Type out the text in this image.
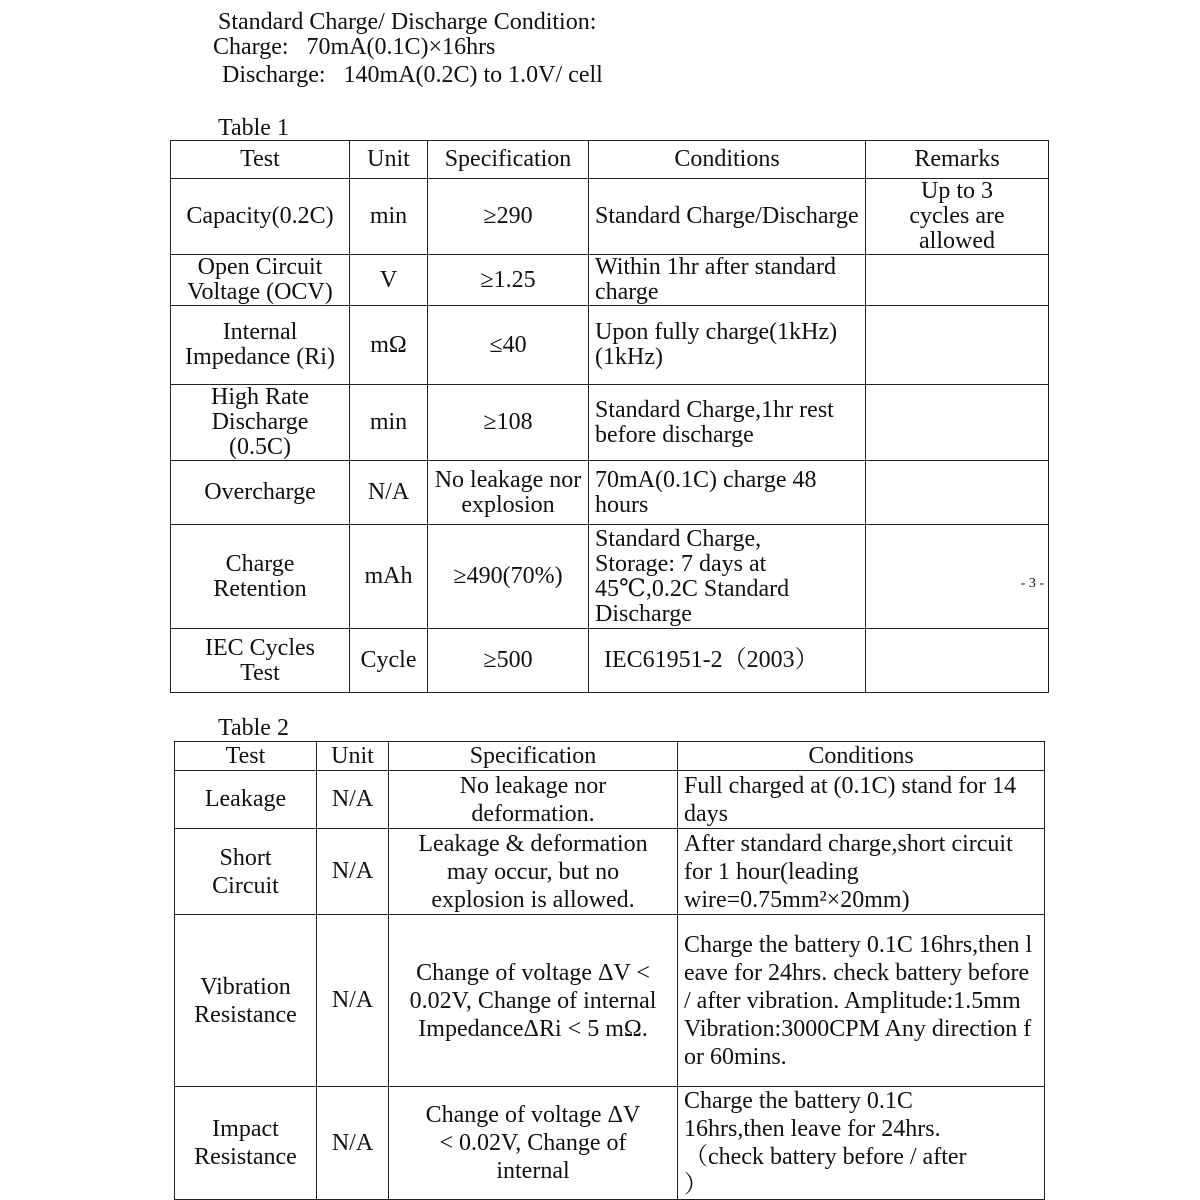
Standard Charge/ Discharge Condition:
Charge:   70mA(0.1C)×16hrs
Discharge:   140mA(0.2C) to 1.0V/ cell
Table 1
Test	Unit	Specification	Conditions	Remarks
Capacity(0.2C)	min	≥290	Standard Charge/Discharge	Up to 3 cycles are allowed
Open Circuit Voltage (OCV)	V	≥1.25	Within 1hr after standard charge	
Internal Impedance (Ri)	mΩ	≤40	Upon fully charge(1kHz) (1kHz)	
High Rate Discharge (0.5C)	min	≥108	Standard Charge,1hr rest before discharge	
Overcharge	N/A	No leakage nor explosion	70mA(0.1C) charge 48 hours	
Charge Retention	mAh	≥490(70%)	Standard Charge, Storage: 7 days at 45℃,0.2C Standard Discharge	- 3 -

IEC Cycles Test	Cycle	≥500	IEC61951-2（2003）	
Table 2
Test	Unit	Specification	Conditions
Leakage	N/A	No leakage nor deformation.	Full charged at (0.1C) stand for 14 days
Short Circuit	N/A	Leakage & deformation may occur, but no explosion is allowed.	After standard charge,short circuit for 1 hour(leading wire=0.75mm²×20mm)
Vibration Resistance	N/A	Change of voltage ΔV < 0.02V, Change of internal ImpedanceΔRi < 5 mΩ.	Charge the battery 0.1C 16hrs,then leave for 24hrs. check battery before / after vibration. Amplitude:1.5mm Vibration:3000CPM Any direction for 60mins.
Impact Resistance	N/A	Change of voltage ΔV < 0.02V, Change of internal	Charge the battery 0.1C 16hrs,then leave for 24hrs. （check battery before / after ）
